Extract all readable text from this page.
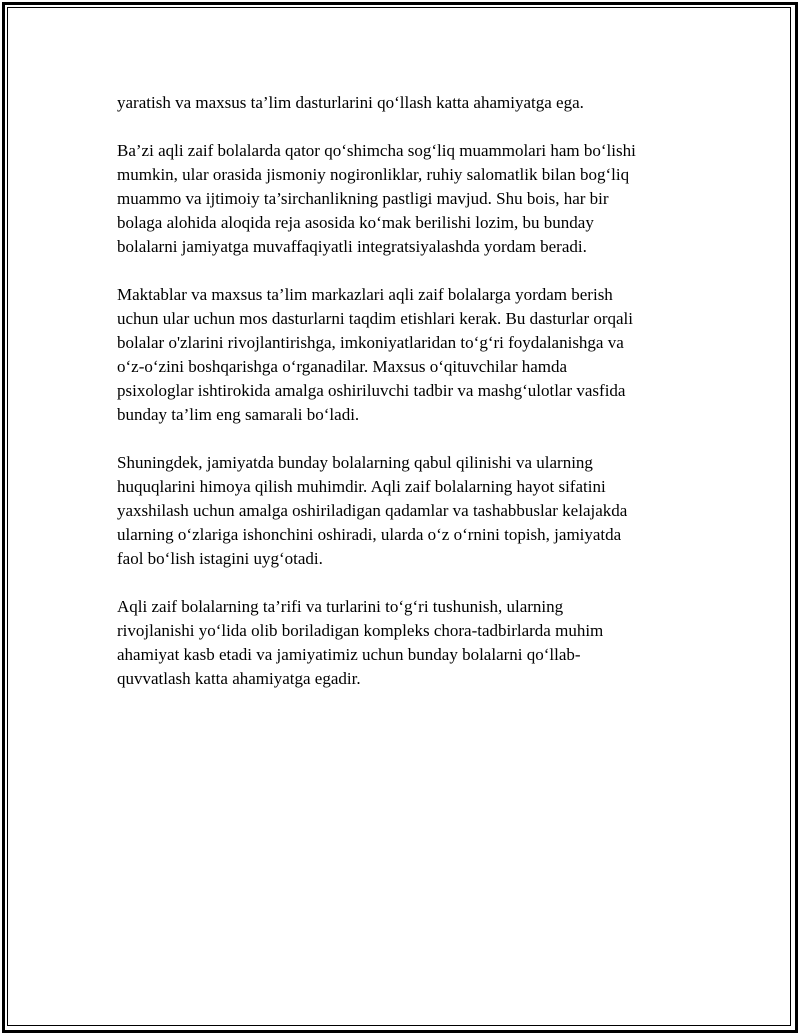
yaratish va maxsus ta’lim dasturlarini qo‘llash katta ahamiyatga ega.

Ba’zi aqli zaif bolalarda qator qo‘shimcha sog‘liq muammolari ham bo‘lishi
mumkin, ular orasida jismoniy nogironliklar, ruhiy salomatlik bilan bog‘liq
muammo va ijtimoiy ta’sirchanlikning pastligi mavjud. Shu bois, har bir
bolaga alohida aloqida reja asosida ko‘mak berilishi lozim, bu bunday
bolalarni jamiyatga muvaffaqiyatli integratsiyalashda yordam beradi.

Maktablar va maxsus ta’lim markazlari aqli zaif bolalarga yordam berish
uchun ular uchun mos dasturlarni taqdim etishlari kerak. Bu dasturlar orqali
bolalar o'zlarini rivojlantirishga, imkoniyatlaridan to‘g‘ri foydalanishga va
o‘z-o‘zini boshqarishga o‘rganadilar. Maxsus o‘qituvchilar hamda
psixologlar ishtirokida amalga oshiriluvchi tadbir va mashg‘ulotlar vasfida
bunday ta’lim eng samarali bo‘ladi.

Shuningdek, jamiyatda bunday bolalarning qabul qilinishi va ularning
huquqlarini himoya qilish muhimdir. Aqli zaif bolalarning hayot sifatini
yaxshilash uchun amalga oshiriladigan qadamlar va tashabbuslar kelajakda
ularning o‘zlariga ishonchini oshiradi, ularda o‘z o‘rnini topish, jamiyatda
faol bo‘lish istagini uyg‘otadi.

Aqli zaif bolalarning ta’rifi va turlarini to‘g‘ri tushunish, ularning
rivojlanishi yo‘lida olib boriladigan kompleks chora-tadbirlarda muhim
ahamiyat kasb etadi va jamiyatimiz uchun bunday bolalarni qo‘llab-
quvvatlash katta ahamiyatga egadir.
